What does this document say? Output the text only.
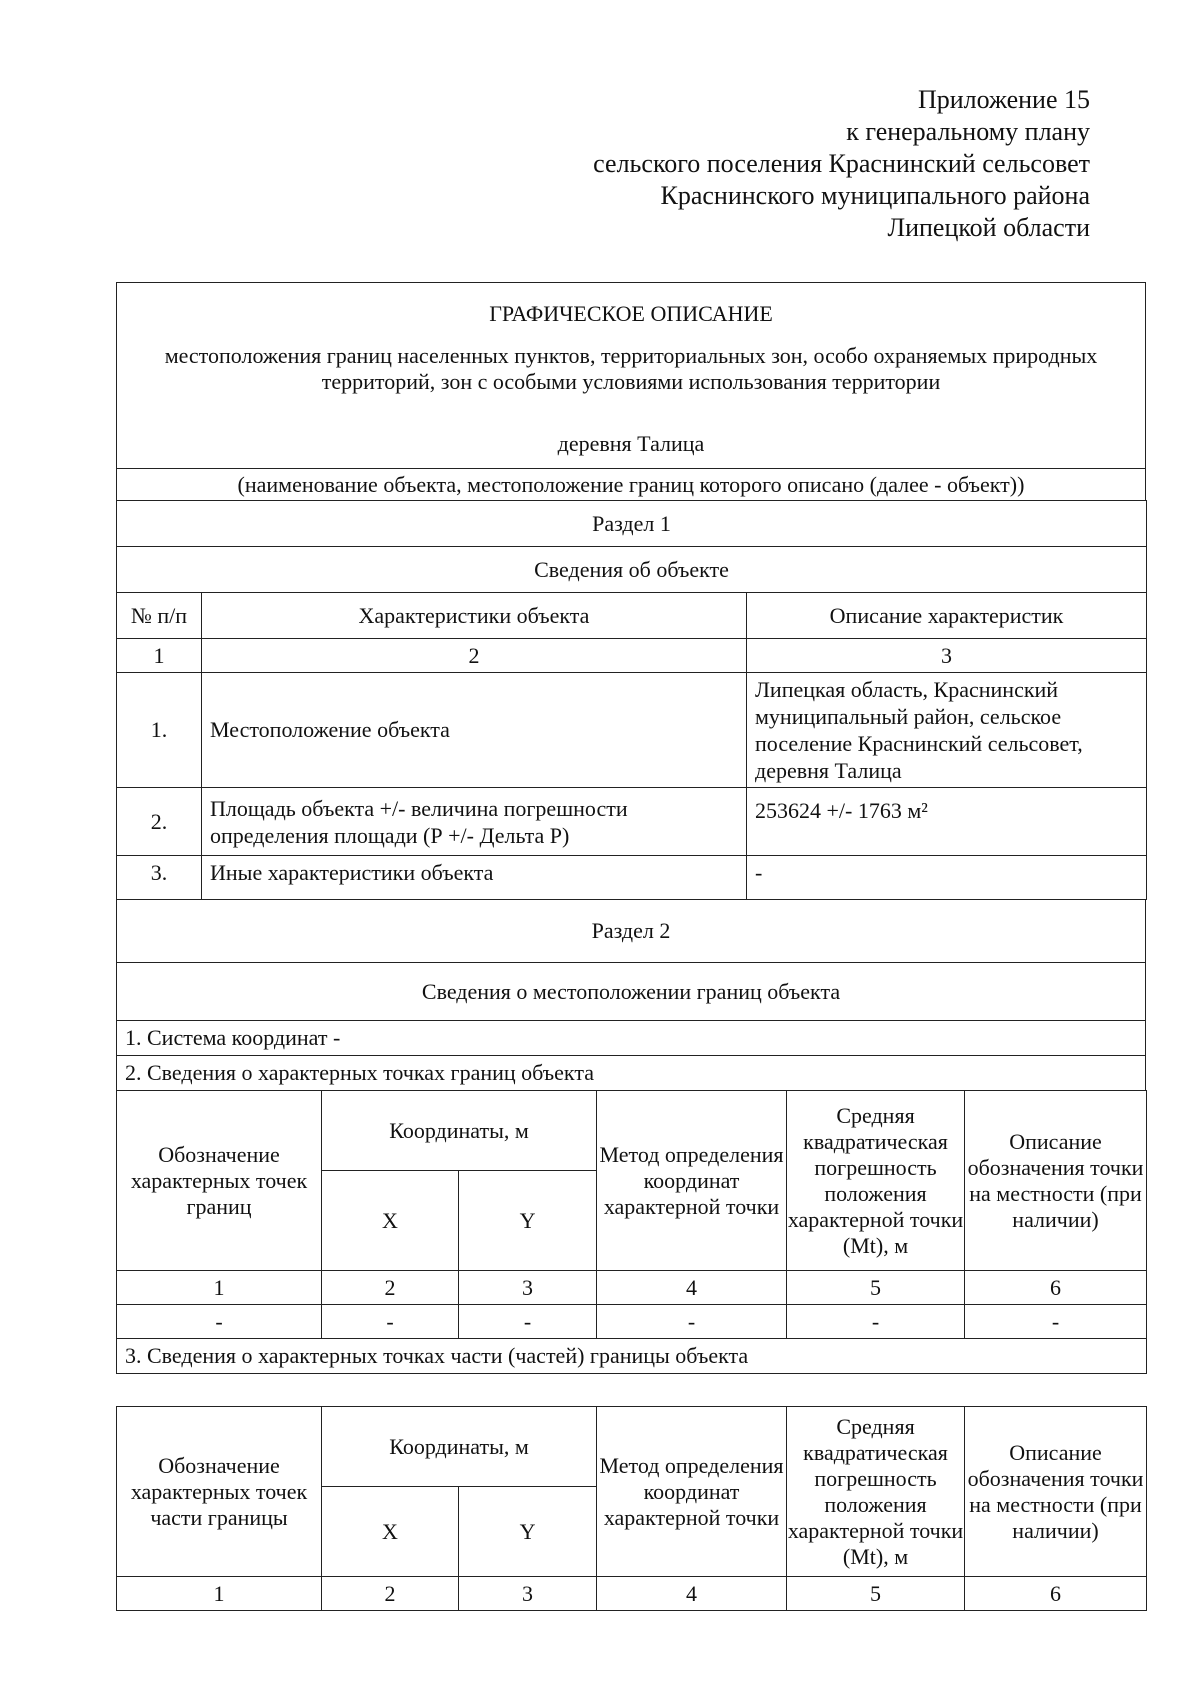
Приложение 15
к генеральному плану
сельского поселения Краснинский сельсовет
Краснинского муниципального района
Липецкой области
ГРАФИЧЕСКОЕ ОПИСАНИЕ
местоположения границ населенных пунктов, территориальных зон, особо охраняемых природных территорий, зон с особыми условиями использования территории
деревня Талица
(наименование объекта, местоположение границ которого описано (далее - объект))
Раздел 1		
Сведения об объекте		
№ п/п	Характеристики объекта	Описание характеристик
1	2	3
1.	Местоположение объекта	Липецкая область, Краснинский муниципальный район, сельское поселение Краснинский сельсовет, деревня Талица
2.	Площадь объекта +/- величина погрешности определения площади (Р +/- Дельта Р)	253624 +/- 1763 м²
3.	Иные характеристики объекта	-
Раздел 2
Сведения о местоположении границ объекта
1. Система координат -
2. Сведения о характерных точках границ объекта
Обозначение характерных точек границ	Координаты, м		Метод определения координат характерной точки	Средняя квадратическая погрешность положения характерной точки (Mt), м	Описание обозначения точки на местности (при наличии)
	X	Y			
1	2	3	4	5	6
-	-	-	-	-	-
3. Сведения о характерных точках части (частей) границы объекта					
Обозначение характерных точек части границы	Координаты, м		Метод определения координат характерной точки	Средняя квадратическая погрешность положения характерной точки (Mt), м	Описание обозначения точки на местности (при наличии)
	X	Y			
1	2	3	4	5	6
